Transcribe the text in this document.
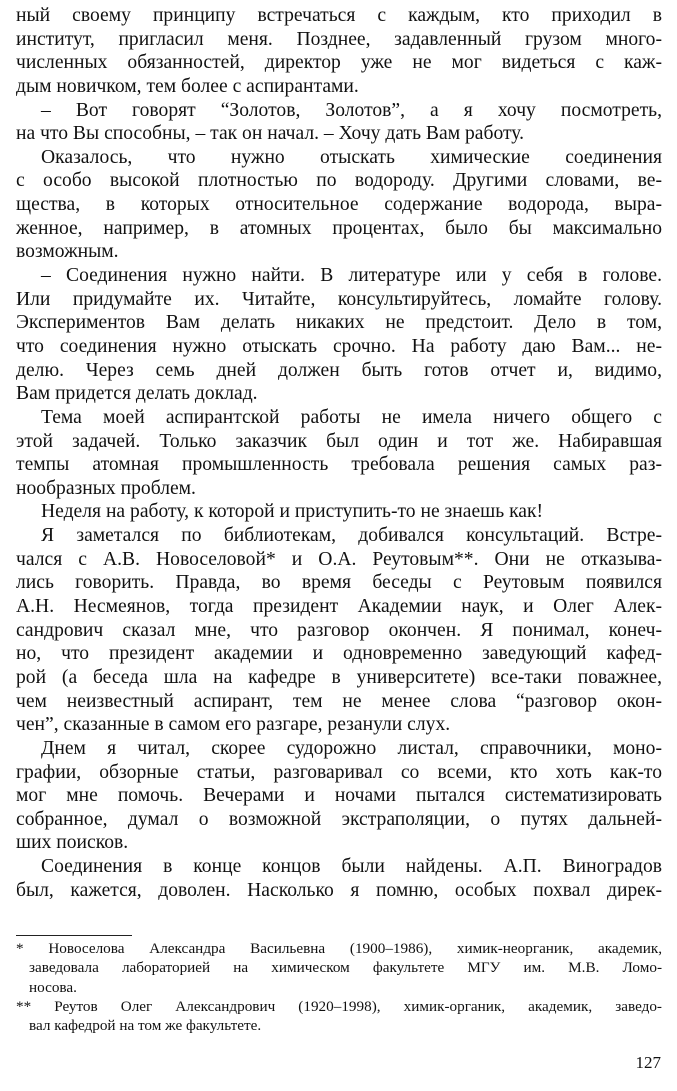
ный своему принципу встречаться с каждым, кто приходил в
институт, пригласил меня. Позднее, задавленный грузом много-
численных обязанностей, директор уже не мог видеться с каж-
дым новичком, тем более с аспирантами.
– Вот говорят “Золотов, Золотов”, а я хочу посмотреть,
на что Вы способны, – так он начал. – Хочу дать Вам работу.
Оказалось, что нужно отыскать химические соединения
с особо высокой плотностью по водороду. Другими словами, ве-
щества, в которых относительное содержание водорода, выра-
женное, например, в атомных процентах, было бы максимально
возможным.
– Соединения нужно найти. В литературе или у себя в голове.
Или придумайте их. Читайте, консультируйтесь, ломайте голову.
Экспериментов Вам делать никаких не предстоит. Дело в том,
что соединения нужно отыскать срочно. На работу даю Вам... не-
делю. Через семь дней должен быть готов отчет и, видимо,
Вам придется делать доклад.
Тема моей аспирантской работы не имела ничего общего с
этой задачей. Только заказчик был один и тот же. Набиравшая
темпы атомная промышленность требовала решения самых раз-
нообразных проблем.
Неделя на работу, к которой и приступить-то не знаешь как!
Я заметался по библиотекам, добивался консультаций. Встре-
чался с А.В. Новоселовой* и О.А. Реутовым**. Они не отказыва-
лись говорить. Правда, во время беседы с Реутовым появился
А.Н. Несмеянов, тогда президент Академии наук, и Олег Алек-
сандрович сказал мне, что разговор окончен. Я понимал, конеч-
но, что президент академии и одновременно заведующий кафед-
рой (а беседа шла на кафедре в университете) все-таки поважнее,
чем неизвестный аспирант, тем не менее слова “разговор окон-
чен”, сказанные в самом его разгаре, резанули слух.
Днем я читал, скорее судорожно листал, справочники, моно-
графии, обзорные статьи, разговаривал со всеми, кто хоть как-то
мог мне помочь. Вечерами и ночами пытался систематизировать
собранное, думал о возможной экстраполяции, о путях дальней-
ших поисков.
Соединения в конце концов были найдены. А.П. Виноградов
был, кажется, доволен. Насколько я помню, особых похвал дирек-
* Новоселова Александра Васильевна (1900–1986), химик-неорганик, академик,
заведовала лабораторией на химическом факультете МГУ им. М.В. Ломо-
носова.
** Реутов Олег Александрович (1920–1998), химик-органик, академик, заведо-
вал кафедрой на том же факультете.
127
